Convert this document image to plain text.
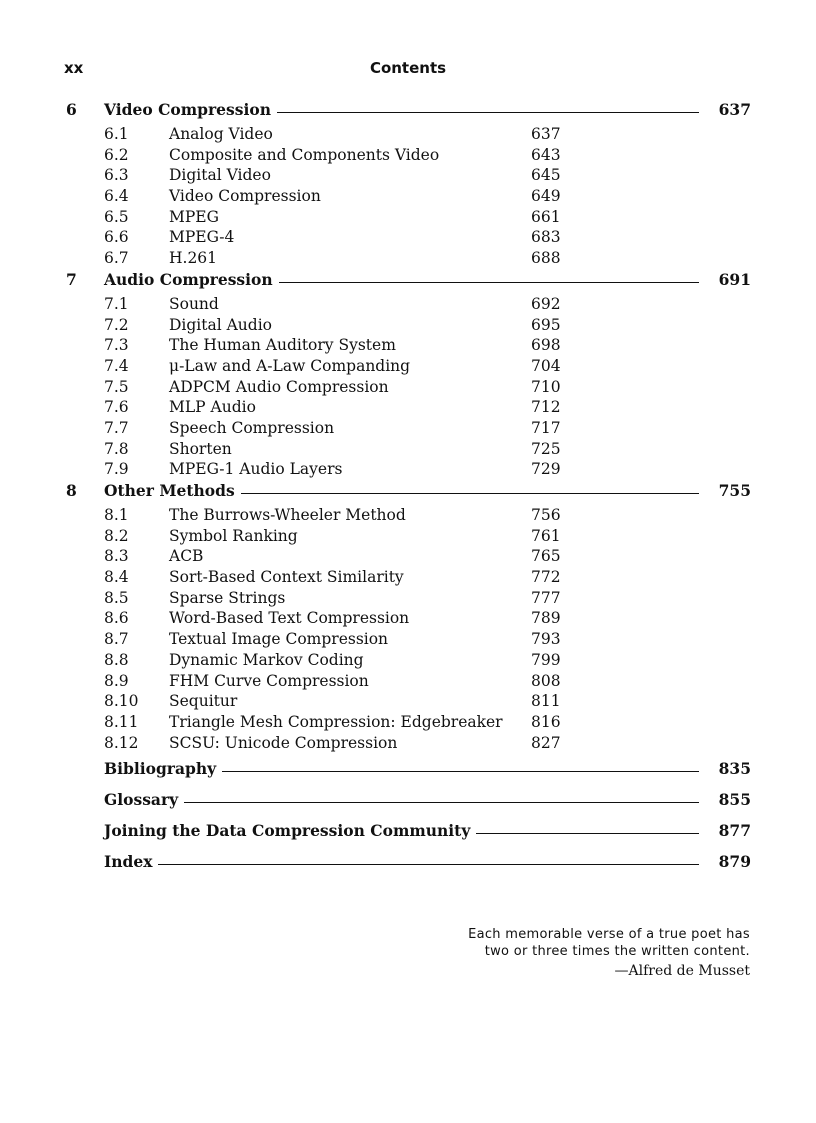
xx	Contents
6 Video Compression	637
6.1	Analog Video	637
6.2	Composite and Components Video	643
6.3	Digital Video	645
6.4	Video Compression	649
6.5	MPEG	661
6.6	MPEG-4	683
6.7	H.261	688
7 Audio Compression	691
7.1	Sound	692
7.2	Digital Audio	695
7.3	The Human Auditory System	698
7.4	μ-Law and A-Law Companding	704
7.5	ADPCM Audio Compression	710
7.6	MLP Audio	712
7.7	Speech Compression	717
7.8	Shorten	725
7.9	MPEG-1 Audio Layers	729
8 Other Methods	755
8.1	The Burrows-Wheeler Method	756
8.2	Symbol Ranking	761
8.3	ACB	765
8.4	Sort-Based Context Similarity	772
8.5	Sparse Strings	777
8.6	Word-Based Text Compression	789
8.7	Textual Image Compression	793
8.8	Dynamic Markov Coding	799
8.9	FHM Curve Compression	808
8.10 Sequitur	811
8.11 Triangle Mesh Compression: Edgebreaker 816
8.12 SCSU: Unicode Compression	827
Bibliography	835
Glossary	855
Joining the Data Compression Community	877
Index	879
Each memorable verse of a true poet has
two or three times the written content.
—Alfred de Musset
